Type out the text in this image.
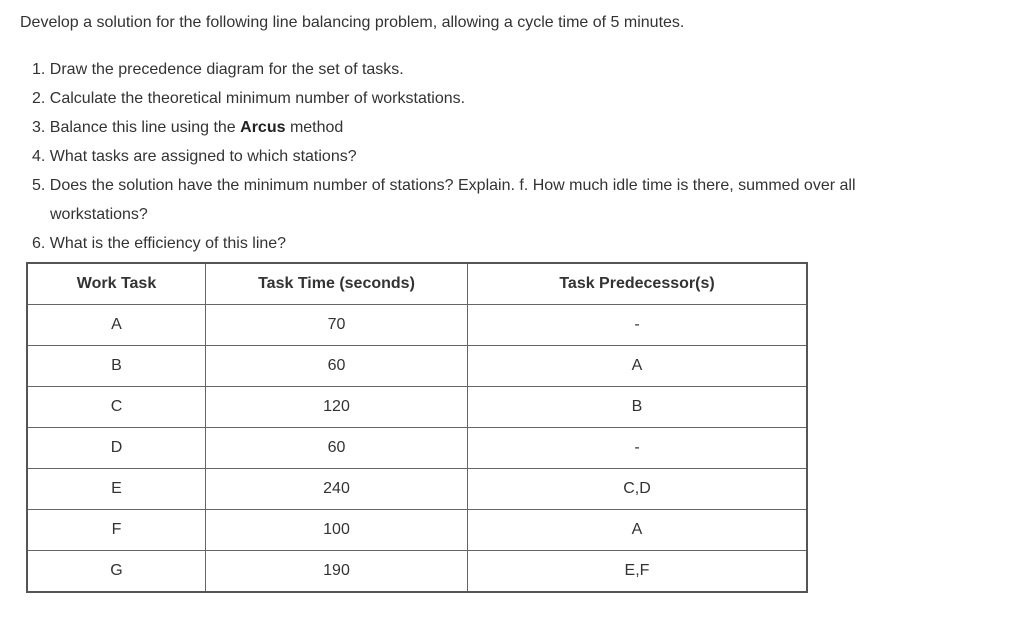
Develop a solution for the following line balancing problem, allowing a cycle time of 5 minutes.
1. Draw the precedence diagram for the set of tasks.
2. Calculate the theoretical minimum number of workstations.
3. Balance this line using the Arcus method
4. What tasks are assigned to which stations?
5. Does the solution have the minimum number of stations? Explain. f. How much idle time is there, summed over all
workstations?
6. What is the efficiency of this line?
Work Task	Task Time (seconds)	Task Predecessor(s)
A	70	-
B	60	A
C	120	B
D	60	-
E	240	C,D
F	100	A
G	190	E,F
